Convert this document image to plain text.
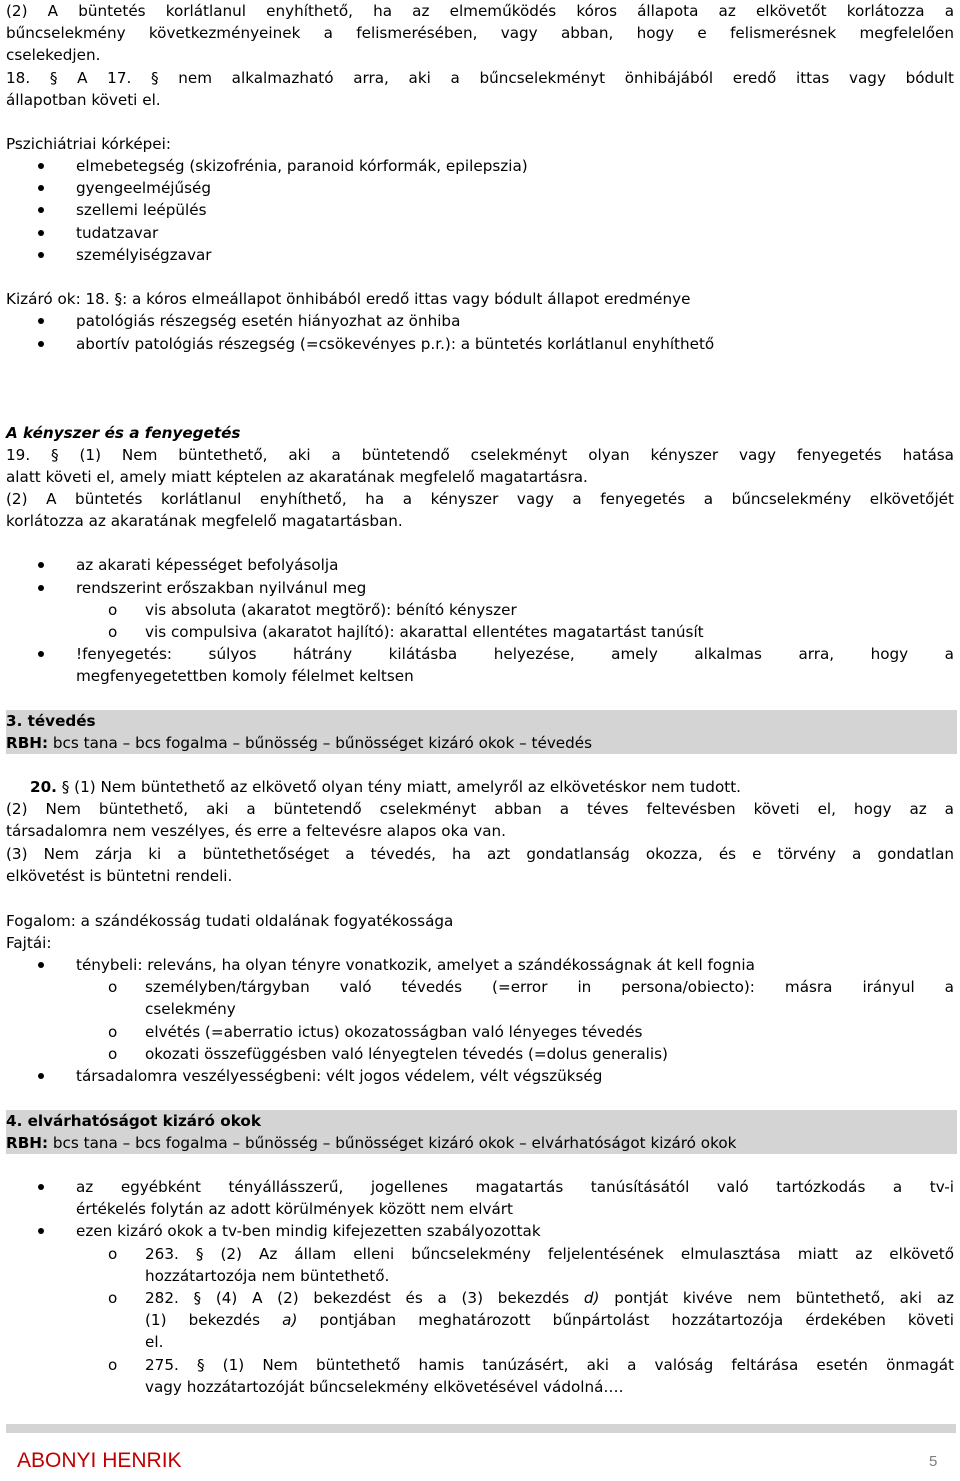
(2) A büntetés korlátlanul enyhíthető, ha az elmeműködés kóros állapota az elkövetőt korlátozza a
bűncselekmény következményeinek a felismerésében, vagy abban, hogy e felismerésnek megfelelően
cselekedjen.
18. § A 17. § nem alkalmazható arra, aki a bűncselekményt önhibájából eredő ittas vagy bódult
állapotban követi el.
Pszichiátriai kórképei:
elmebetegség (skizofrénia, paranoid kórformák, epilepszia)
gyengeelméjűség
szellemi leépülés
tudatzavar
személyiségzavar
Kizáró ok: 18. §: a kóros elmeállapot önhibából eredő ittas vagy bódult állapot eredménye
patológiás részegség esetén hiányozhat az önhiba
abortív patológiás részegség (=csökevényes p.r.): a büntetés korlátlanul enyhíthető
A kényszer és a fenyegetés
19. § (1) Nem büntethető, aki a büntetendő cselekményt olyan kényszer vagy fenyegetés hatása
alatt követi el, amely miatt képtelen az akaratának megfelelő magatartásra.
(2) A büntetés korlátlanul enyhíthető, ha a kényszer vagy a fenyegetés a bűncselekmény elkövetőjét
korlátozza az akaratának megfelelő magatartásban.
az akarati képességet befolyásolja
rendszerint erőszakban nyilvánul meg
o vis absoluta (akaratot megtörő): bénító kényszer
o vis compulsiva (akaratot hajlító): akarattal ellentétes magatartást tanúsít
!fenyegetés: súlyos hátrány kilátásba helyezése, amely alkalmas arra, hogy a
megfenyegetettben komoly félelmet keltsen
3. tévedés
RBH: bcs tana – bcs fogalma – bűnösség – bűnösséget kizáró okok – tévedés
20. § (1) Nem büntethető az elkövető olyan tény miatt, amelyről az elkövetéskor nem tudott.
(2) Nem büntethető, aki a büntetendő cselekményt abban a téves feltevésben követi el, hogy az a
társadalomra nem veszélyes, és erre a feltevésre alapos oka van.
(3) Nem zárja ki a büntethetőséget a tévedés, ha azt gondatlanság okozza, és e törvény a gondatlan
elkövetést is büntetni rendeli.
Fogalom: a szándékosság tudati oldalának fogyatékossága
Fajtái:
ténybeli: releváns, ha olyan tényre vonatkozik, amelyet a szándékosságnak át kell fognia
o személyben/tárgyban való tévedés (=error in persona/obiecto): másra irányul a
cselekmény
o elvétés (=aberratio ictus) okozatosságban való lényeges tévedés
o okozati összefüggésben való lényegtelen tévedés (=dolus generalis)
társadalomra veszélyességbeni: vélt jogos védelem, vélt végszükség
4. elvárhatóságot kizáró okok
RBH: bcs tana – bcs fogalma – bűnösség – bűnösséget kizáró okok – elvárhatóságot kizáró okok
az egyébként tényállásszerű, jogellenes magatartás tanúsításától való tartózkodás a tv-i
értékelés folytán az adott körülmények között nem elvárt
ezen kizáró okok a tv-ben mindig kifejezetten szabályozottak
o 263. § (2) Az állam elleni bűncselekmény feljelentésének elmulasztása miatt az elkövető
hozzátartozója nem büntethető.
o 282. § (4) A (2) bekezdést és a (3) bekezdés d) pontját kivéve nem büntethető, aki az
(1) bekezdés a) pontjában meghatározott bűnpártolást hozzátartozója érdekében követi
el.
o 275. § (1) Nem büntethető hamis tanúzásért, aki a valóság feltárása esetén önmagát
vagy hozzátartozóját bűncselekmény elkövetésével vádolná….
ABONYI HENRIK	5
